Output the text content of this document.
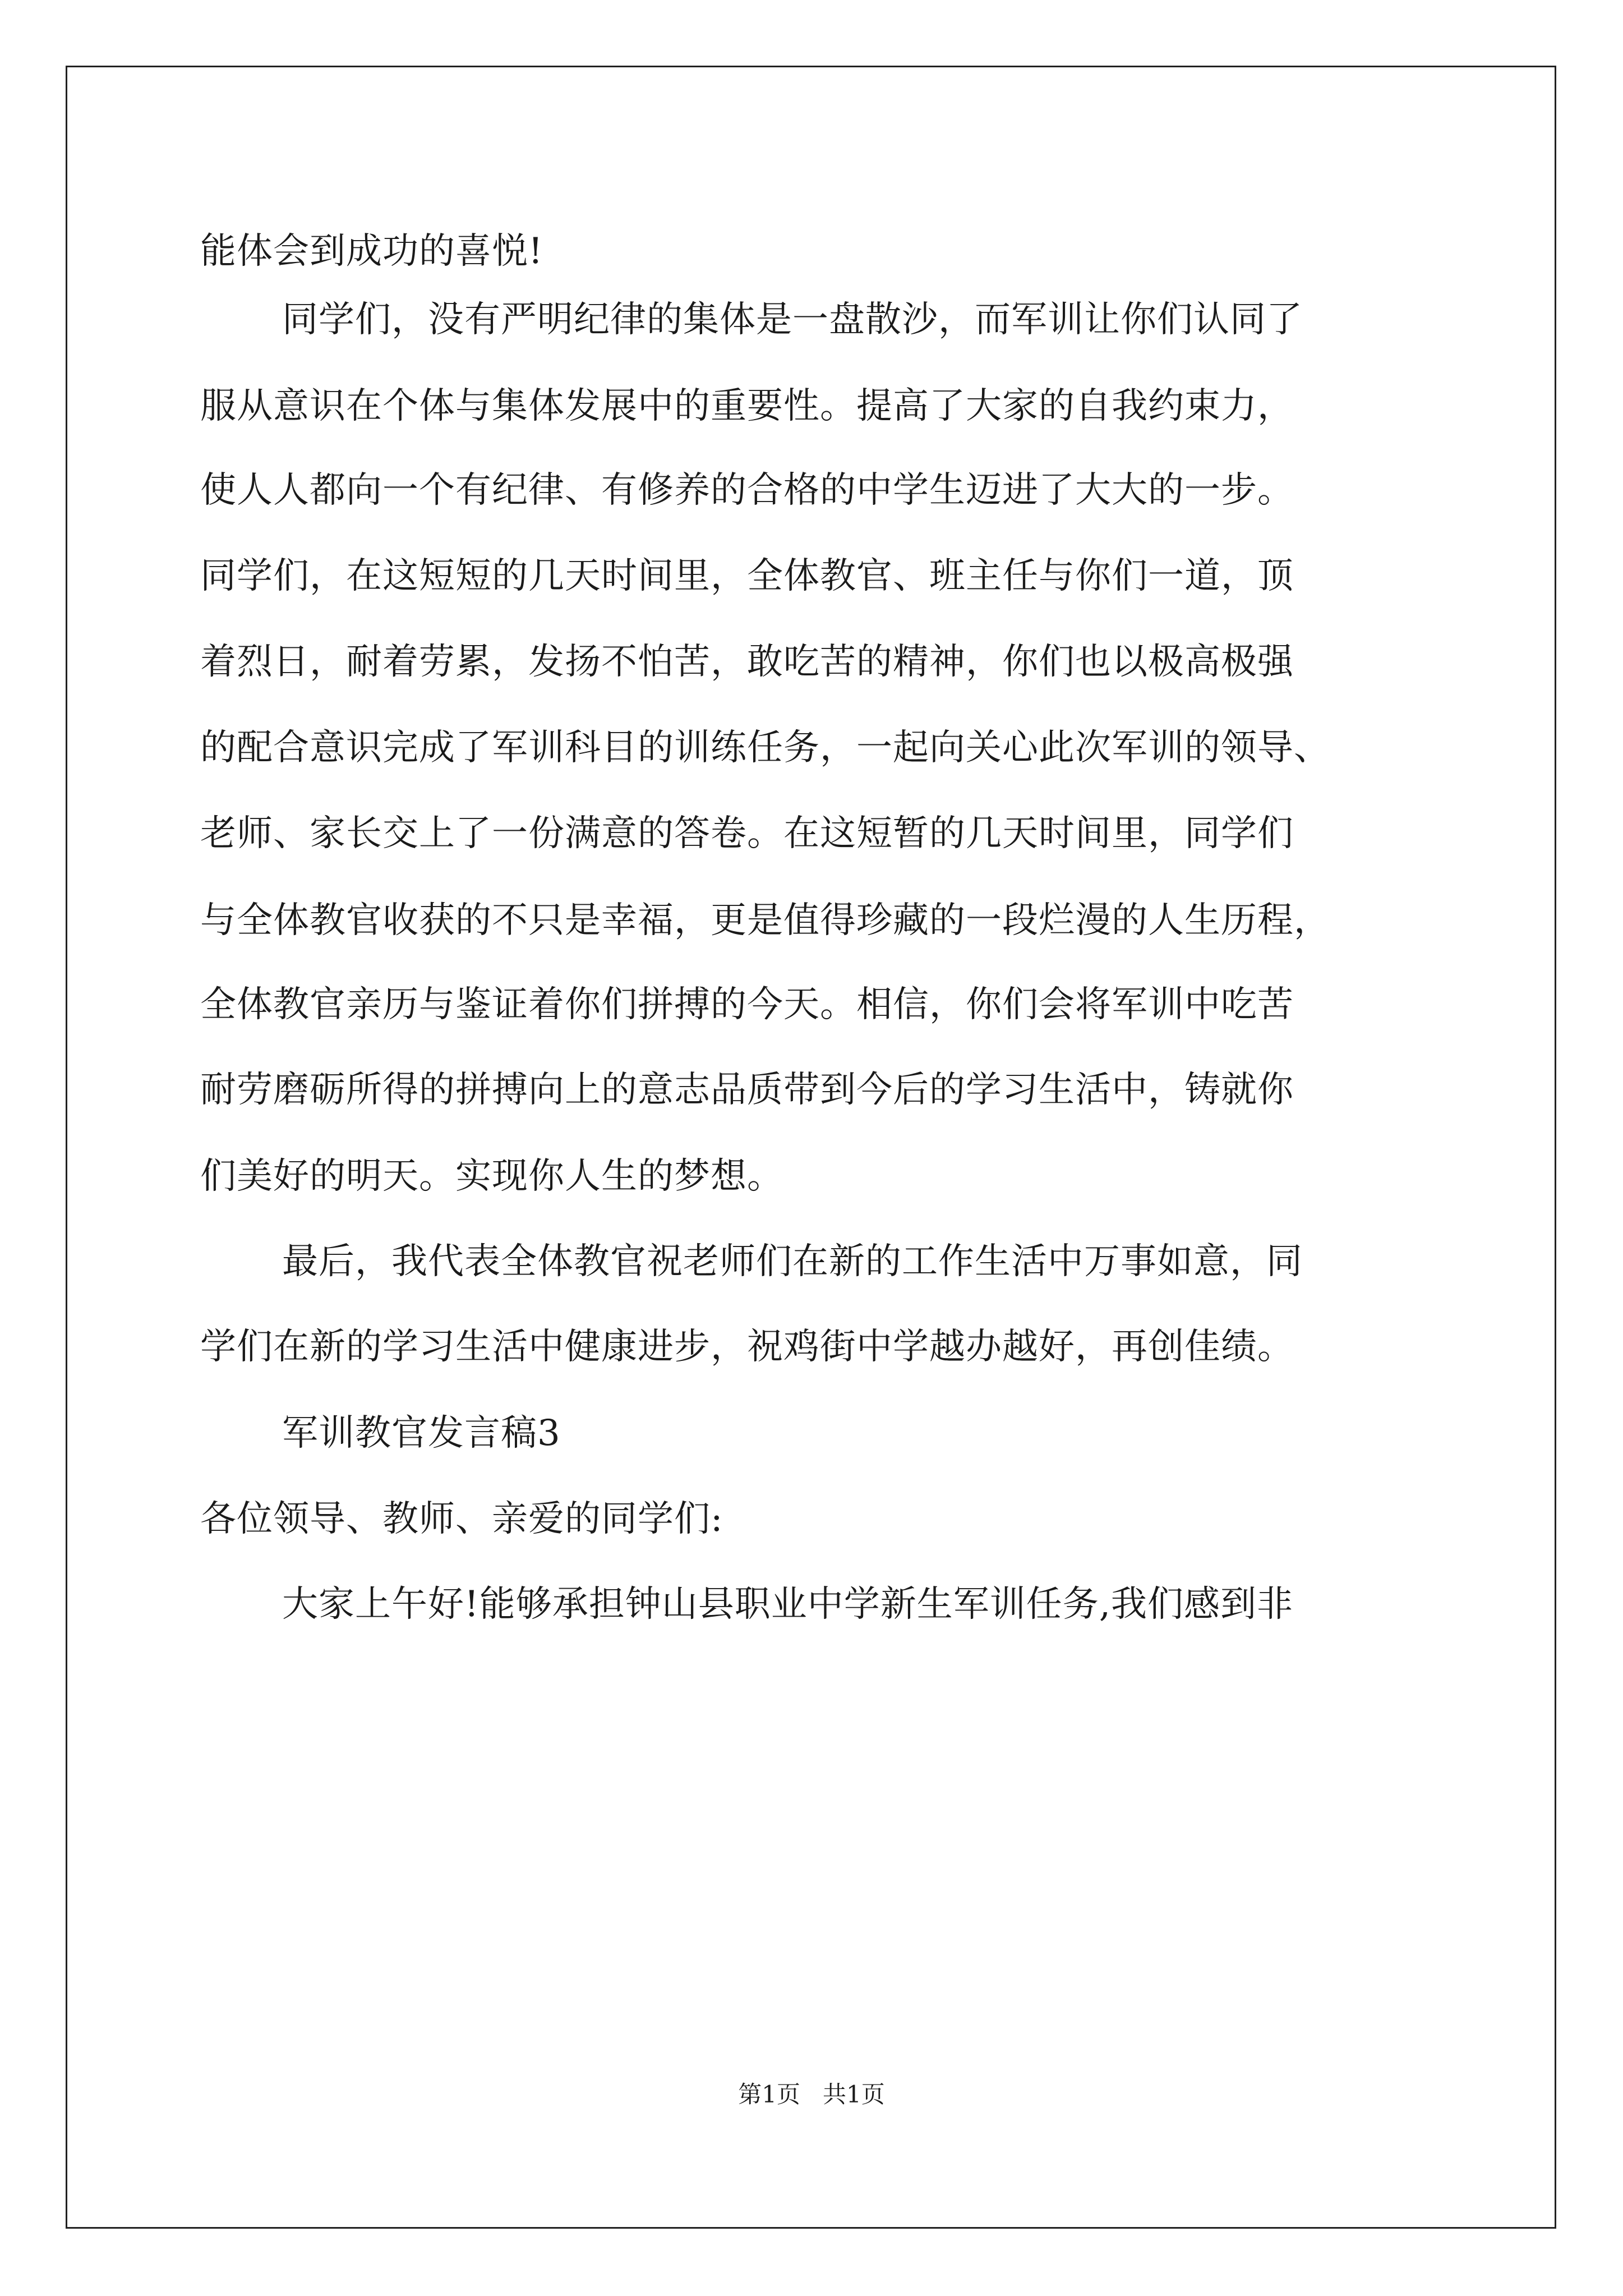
能体会到成功的喜悦!
同学们，没有严明纪律的集体是一盘散沙，而军训让你们认同了
服从意识在个体与集体发展中的重要性。提高了大家的自我约束力，
使人人都向一个有纪律、有修养的合格的中学生迈进了大大的一步。
同学们，在这短短的几天时间里，全体教官、班主任与你们一道，顶
着烈日，耐着劳累，发扬不怕苦，敢吃苦的精神，你们也以极高极强
的配合意识完成了军训科目的训练任务，一起向关心此次军训的领导、
老师、家长交上了一份满意的答卷。在这短暂的几天时间里，同学们
与全体教官收获的不只是幸福，更是值得珍藏的一段烂漫的人生历程，
全体教官亲历与鉴证着你们拼搏的今天。相信，你们会将军训中吃苦
耐劳磨砺所得的拼搏向上的意志品质带到今后的学习生活中，铸就你
们美好的明天。实现你人生的梦想。
最后，我代表全体教官祝老师们在新的工作生活中万事如意，同
学们在新的学习生活中健康进步，祝鸡街中学越办越好，再创佳绩。
军训教官发言稿3
各位领导、教师、亲爱的同学们:
大家上午好!能够承担钟山县职业中学新生军训任务,我们感到非
第1页   共1页
